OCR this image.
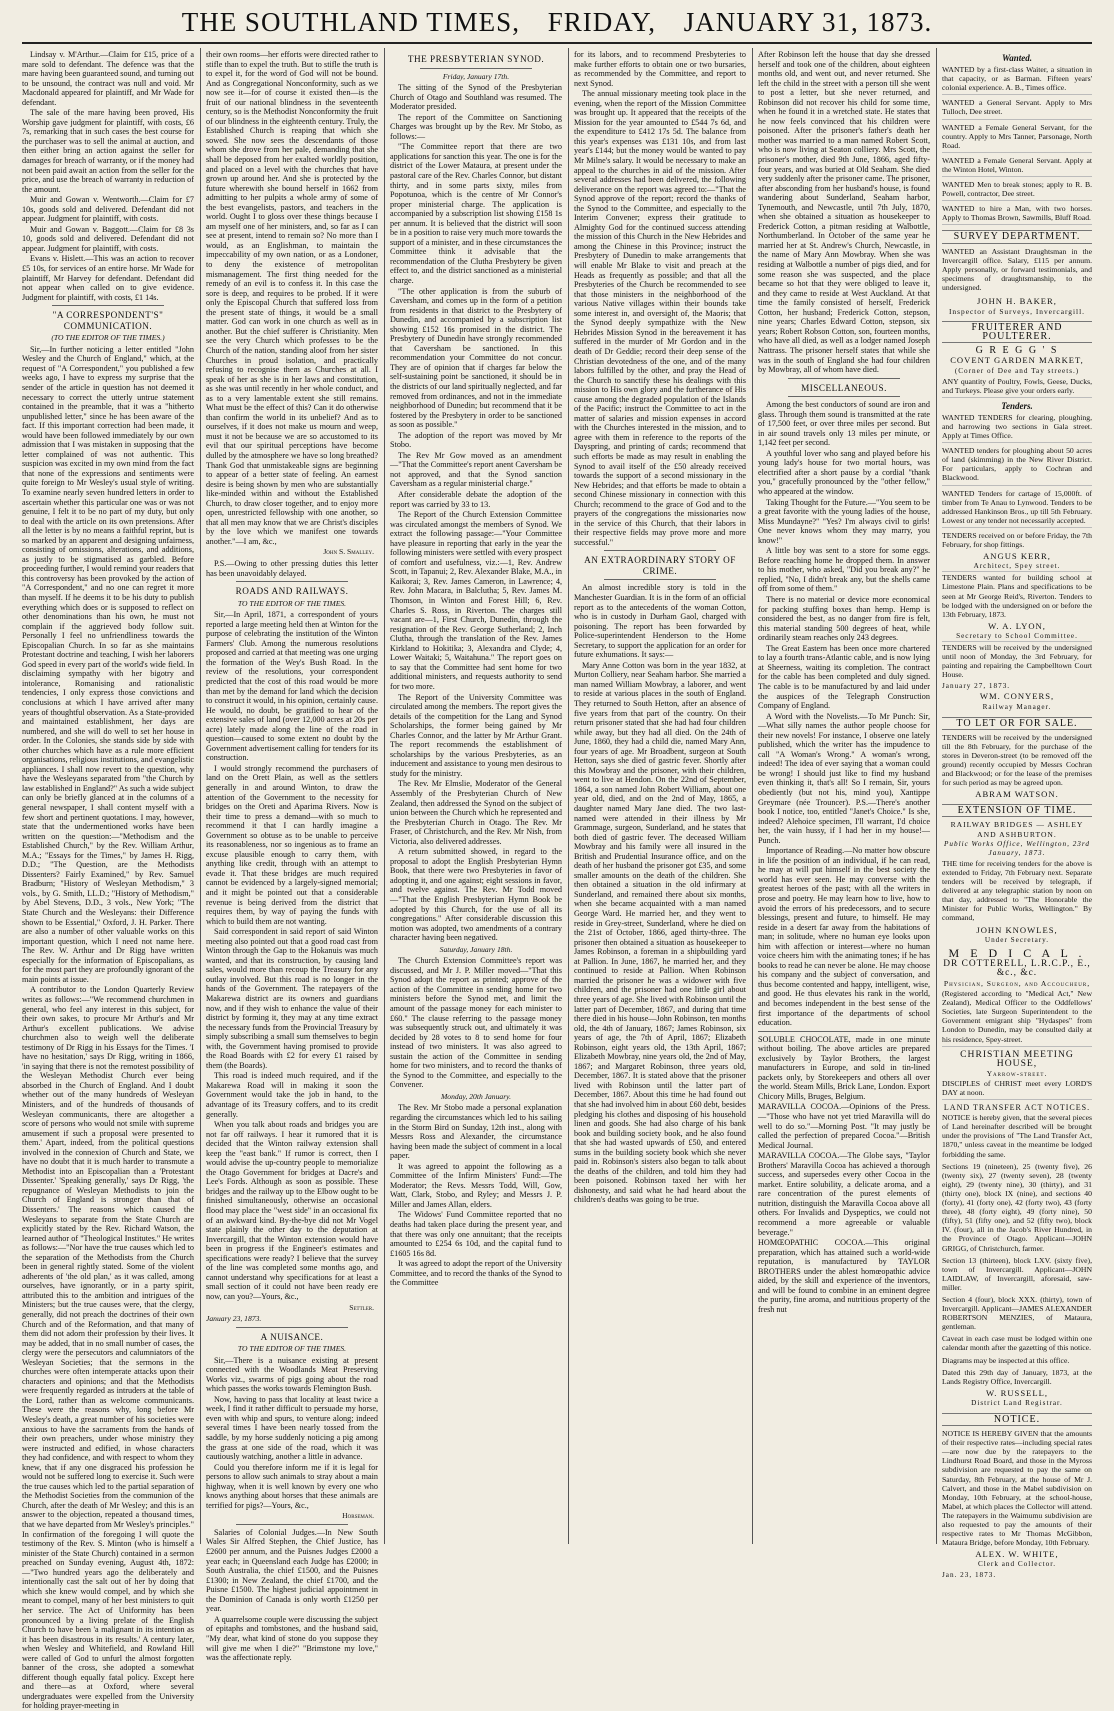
THE SOUTHLAND TIMES, FRIDAY, JANUARY 31, 1873.

Lindsay v. M'Arthur.—Claim for £15, price of a mare sold to defendant. The defence was that the mare having been guaranteed sound, and turning out to be unsound, the contract was null and void. Mr Macdonald appeared for plaintiff, and Mr Wade for defendant.

The sale of the mare having been proved, His Worship gave judgment for plaintiff, with costs, £6 7s, remarking that in such cases the best course for the purchaser was to sell the animal at auction, and then either bring an action against the seller for damages for breach of warranty, or if the money had not been paid await an action from the seller for the price, and use the breach of warranty in reduction of the amount.

Muir and Gowan v. Wentworth.—Claim for £7 10s, goods sold and delivered. Defendant did not appear. Judgment for plaintiff, with costs.

Muir and Gowan v. Baggott.—Claim for £8 3s 10, goods sold and delivered. Defendant did not appear. Judgment for plaintiff, with costs.

Evans v. Hislett.—This was an action to recover £5 10s, for services of an entire horse. Mr Wade for plaintiff, Mr Harvey for defendant. Defendant did not appear when called on to give evidence. Judgment for plaintiff, with costs, £1 14s.

"A CORRESPONDENT'S" COMMUNICATION.
(TO THE EDITOR OF THE TIMES.)

Sir,—In further noticing a letter entitled "John Wesley and the Church of England," which, at the request of "A Correspondent," you published a few weeks ago, I have to express my surprise that the sender of the article in question has not deemed it necessary to correct the utterly untrue statement contained in the preamble, that it was a "hitherto unpublished letter," since he has been aware of the fact. If this important correction had been made, it would have been followed immediately by our own admission that I was mistaken in supposing that the letter complained of was not authentic. This suspicion was excited in my own mind from the fact that none of the expressions and sentiments were quite foreign to Mr Wesley's usual style of writing. To examine nearly seven hundred letters in order to ascertain whether this particular one was or was not genuine, I felt it to be no part of my duty, but only to deal with the article on its own pretensions. After all the letter is by no means a faithful reprint, but is so marked by an apparent and designing unfairness, consisting of omissions, alterations, and additions, as justly to be stigmatised as garbled. Before proceeding further, I would remind your readers that this controversy has been provoked by the action of "A Correspondent," and no one can regret it more than myself. If he deems it to be his duty to publish everything which does or is supposed to reflect on other denominations than his own, he must not complain if the aggrieved body follow suit. Personally I feel no unfriendliness towards the Episcopalian Church. In so far as she maintains Protestant doctrine and teaching, I wish her laborers God speed in every part of the world's wide field. In disclaiming sympathy with her bigotry and intolerance, Romanising and rationalistic tendencies, I only express those convictions and conclusions at which I have arrived after many years of thoughtful observation. As a State-provided and maintained establishment, her days are numbered, and she will do well to set her house in order. In the Colonies, she stands side by side with other churches which have as a rule more efficient organisations, religious institutions, and evangelistic appliances. I shall now revert to the question, why have the Wesleyans separated from "the Church by law established in England?" As such a wide subject can only be briefly glanced at in the columns of a general newspaper, I shall content myself with a few short and pertinent quotations. I may, however, state that the undermentioned works have been written on the question:—"Methodism and the Established Church," by the Rev. William Arthur, M.A.; "Essays for the Times," by James H. Rigg, D.D.; "The Question, are the Methodists Dissenters? Fairly Examined," by Rev. Samuel Bradburn; "History of Wesleyan Methodism," 3 vols., by G. Smith, LL.D.; "History of Methodism," by Abel Stevens, D.D., 3 vols., New York; "The State Church and the Wesleyans: their Difference shown to be Essential," Oxford, J. H. Parker. There are also a number of other valuable works on this important question, which I need not name here. The Rev. W. Arthur and Dr Rigg have written especially for the information of Episcopalians, as for the most part they are profoundly ignorant of the main points at issue.

A contributor to the London Quarterly Review writes as follows:—"We recommend churchmen in general, who feel any interest in this subject, for their own sakes, to procure Mr Arthur's and Mr Arthur's excellent publications. We advise churchmen also to weigh well the deliberate testimony of Dr Rigg in his Essays for the Times. 'I have no hesitation,' says Dr Rigg, writing in 1866, 'in saying that there is not the remotest possibility of the Wesleyan Methodist Church ever being absorbed in the Church of England. And I doubt whether out of the many hundreds of Wesleyan Ministers, and of the hundreds of thousands of Wesleyan communicants, there are altogether a score of persons who would not smile with supreme amusement if such a proposal were presented to them.' Apart, indeed, from the political questions involved in the connexion of Church and State, we have no doubt that it is much harder to transmute a Methodist into an Episcopalian than a 'Protestant Dissenter.' 'Speaking generally,' says Dr Rigg, 'the repugnance of Wesleyan Methodists to join the Church of England is stronger than that of Dissenters.' The reasons which caused the Wesleyans to separate from the State Church are explicitly stated by the Rev. Richard Watson, the learned author of "Theological Institutes." He writes as follows:—"Nor have the true causes which led to the separation of the Methodists from the Church been in general rightly stated. Some of the violent adherents of 'the old plan,' as it was called, among ourselves, have ignorantly, or in a party spirit, attributed this to the ambition and intrigues of the Ministers; but the true causes were, that the clergy, generally, did not preach the doctrines of their own Church and of the Reformation, and that many of them did not adorn their profession by their lives. It may be added, that in no small number of cases, the clergy were the persecutors and calumniators of the Wesleyan Societies; that the sermons in the churches were often intemperate attacks upon their characters and opinions; and that the Methodists were frequently regarded as intruders at the table of the Lord, rather than as welcome communicants. These were the reasons why, long before Mr Wesley's death, a great number of his societies were anxious to have the sacraments from the hands of their own preachers, under whose ministry they were instructed and edified, in whose characters they had confidence, and with respect to whom they knew, that if any one disgraced his profession he would not be suffered long to exercise it. Such were the true causes which led to the partial separation of the Methodist Societies from the communion of the Church, after the death of Mr Wesley; and this is an answer to the objection, repeated a thousand times, that we have departed from Mr Wesley's principles." In confirmation of the foregoing I will quote the testimony of the Rev. S. Minton (who is himself a minister of the State Church) contained in a sermon preached on Sunday evening, August 4th, 1872:—"Two hundred years ago the deliberately and intentionally cast the salt out of her by doing that which she knew would compel, and by which she meant to compel, many of her best ministers to quit her service. The Act of Uniformity has been pronounced by a living prelate of the English Church to have been 'a malignant in its intention as it has been disastrous in its results.' A century later, when Wesley and Whitefield, and Rowland Hill were called of God to unfurl the almost forgotten banner of the cross, she adopted a somewhat different though equally fatal policy. Except here and there—as at Oxford, where several undergraduates were expelled from the University for holding prayer-meeting in

their own rooms—her efforts were directed rather to stifle than to expel the truth. But to stifle the truth is to expel it, for the word of God will not be bound. And as Congregational Nonconformity, such as we now see it—for of course it existed then—is the fruit of our national blindness in the seventeenth century, so is the Methodist Nonconformity the fruit of our blindness in the eighteenth century. Truly, the Established Church is reaping that which she sowed. She now sees the descendants of those whom she drove from her pale, demanding that she shall be deposed from her exalted worldly position, and placed on a level with the churches that have grown up around her. And she is protected by the future wherewith she bound herself in 1662 from admitting to her pulpits a whole army of some of the best evangelists, pastors, and teachers in the world. Ought I to gloss over these things because I am myself one of her ministers, and, so far as I can see at present, intend to remain so? No more than I would, as an Englishman, to maintain the impeccability of my own nation, or as a Londoner, to deny the existence of metropolitan mismanagement. The first thing needed for the remedy of an evil is to confess it. In this case the sore is deep, and requires to be probed. If it were only the Episcopal Church that suffered loss from the present state of things, it would be a small matter. God can work in one church as well as in another. But the chief sufferer is Christianity. Men see the very Church which professes to be the Church of the nation, standing aloof from her sister Churches in proud isolation, and practically refusing to recognise them as Churches at all. I speak of her as she is in her laws and constitution, as she was until recently in her whole conduct, and as to a very lamentable extent she still remains. What must be the effect of this? Can it do otherwise than confirm the world in its unbelief? And as to ourselves, if it does not make us mourn and weep, must it not be because we are so accustomed to its evil that our spiritual perceptions have become dulled by the atmosphere we have so long breathed? Thank God that unmistakeable signs are beginning to appear of a better state of feeling. An earnest desire is being shown by men who are substantially like-minded within and without the Established Church, to draw closer together, and to enjoy more open, unrestricted fellowship with one another, so that all men may know that we are Christ's disciples by the love which we manifest one towards another."—I am, &c.,

John S. Smalley.

P.S.—Owing to other pressing duties this letter has been unavoidably delayed.

ROADS AND RAILWAYS.
TO THE EDITOR OF THE TIMES.

Sir,—In April, 1871, a correspondent of yours reported a large meeting held then at Winton for the purpose of celebrating the institution of the Winton Farmers' Club. Among the numerous resolutions proposed and carried at that meeting was one urging the formation of the Wey's Bush Road. In the review of the resolutions, your correspondent predicted that the cost of this road would be more than met by the demand for land which the decision to construct it would, in his opinion, certainly cause. He would, no doubt, be gratified to hear of the extensive sales of land (over 12,000 acres at 20s per acre) lately made along the line of the road in question—caused to some extent no doubt by the Government advertisement calling for tenders for its construction.

I would strongly recommend the purchasers of land on the Orett Plain, as well as the settlers generally in and around Winton, to draw the attention of the Government to the necessity for bridges on the Oreti and Aparima Rivers. Now is their time to press a demand—with so much to recommend it that I can hardly imagine a Government so obtuse as to be unable to perceive its reasonableness, nor so ingenious as to frame an excuse plausible enough to carry them, with anything like credit, through with an attempt to evade it. That these bridges are much required cannot be evidenced by a largely-signed memorial; and it might be pointed out that a considerable revenue is being derived from the district that requires them, by way of paying the funds with which to build them are not wanting.

Said correspondent in said report of said Winton meeting also pointed out that a good road cast from Winton through the Gap to the Hokanuis was much wanted, and that its construction, by causing land sales, would more than recoup the Treasury for any outlay involved. But this road is no longer in the hands of the Government. The ratepayers of the Makarewa district are its owners and guardians now, and if they wish to enhance the value of their district by forming it, they may at any time extract the necessary funds from the Provincial Treasury by simply subscribing a small sum themselves to begin with, the Government having promised to provide the Road Boards with £2 for every £1 raised by them (the Boards).

This road is indeed much required, and if the Makarewa Road will in making it soon the Government would take the job in hand, to the advantage of its Treasury coffers, and to its credit generally.

When you talk about roads and bridges you are not far off railways. I hear it rumored that it is decided that the Winton railway extension shall keep the "east bank." If rumor is correct, then I would advise the up-country people to memorialize the Otago Government for bridges at Dacre's and Lee's Fords. Although as soon as possible. These bridges and the railway up to the Elbow ought to be finished simultaneously, otherwise an occasional flood may place the "west side" in an occasional fix of an awkward kind. By-the-bye did not Mr Vogel state plainly the other day to the deputation at Invercargill, that the Winton extension would have been in progress if the Engineer's estimates and specifications were ready? I believe that the survey of the line was completed some months ago, and cannot understand why specifications for at least a small section of it could not have been ready ere now, can you?—Yours, &c.,

Settler.
January 23, 1873.
A NUISANCE.
TO THE EDITOR OF THE TIMES.

Sir,—There is a nuisance existing at present connected with the Woodlands Meat Preserving Works viz., swarms of pigs going about the road which passes the works towards Flemington Bush.

Now, having to pass that locality at least twice a week, I find it rather difficult to persuade my horse, even with whip and spurs, to venture along; indeed several times I have been nearly tossed from the saddle, by my horse suddenly noticing a pig among the grass at one side of the road, which it was cautiously watching, another a little in advance.

Could you therefore inform me if it is legal for persons to allow such animals to stray about a main highway, when it is well known by every one who knows anything about horses that these animals are terrified for pigs?—Yours, &c.,

Horseman.

Salaries of Colonial Judges.—In New South Wales Sir Alfred Stephen, the Chief Justice, has £2600 per annum, and the Puisnes Judges £2000 a year each; in Queensland each Judge has £2000; in South Australia, the chief £1500, and the Puisnes £1300; in New Zealand, the chief £1700, and the Puisne £1500. The highest judicial appointment in the Dominion of Canada is only worth £1250 per year.

A quarrelsome couple were discussing the subject of epitaphs and tombstones, and the husband said, "My dear, what kind of stone do you suppose they will give me when I die?" "Brimstone my love," was the affectionate reply.

THE PRESBYTERIAN SYNOD.
Friday, January 17th.

The sitting of the Synod of the Presbyterian Church of Otago and Southland was resumed. The Moderator presided.

The report of the Committee on Sanctioning Charges was brought up by the Rev. Mr Stobo, as follows:—

"The Committee report that there are two applications for sanction this year. The one is for the district of the Lower Mataura, at present under the pastoral care of the Rev. Charles Connor, but distant thirty, and in some parts sixty, miles from Popotunoa, which is the centre of Mr Connor's proper ministerial charge. The application is accompanied by a subscription list showing £158 1s per annum. It is believed that the district will soon be in a position to raise very much more towards the support of a minister, and in these circumstances the Committee think it advisable that the recommendation of the Clutha Presbytery be given effect to, and the district sanctioned as a ministerial charge.

"The other application is from the suburb of Caversham, and comes up in the form of a petition from residents in that district to the Presbytery of Dunedin, and accompanied by a subscription list showing £152 16s promised in the district. The Presbytery of Dunedin have strongly recommended that Caversham be sanctioned. In this recommendation your Committee do not concur. They are of opinion that if charges far below the self-sustaining point be sanctioned, it should be in the districts of our land spiritually neglected, and far removed from ordinances, and not in the immediate neighborhood of Dunedin; but recommend that it be fostered by the Presbytery in order to be sanctioned as soon as possible."

The adoption of the report was moved by Mr Stobo.

The Rev Mr Gow moved as an amendment—"That the Committee's report anent Caversham be not approved, and that the Synod sanction Caversham as a regular ministerial charge."

After considerable debate the adoption of the report was carried by 33 to 13.

The Report of the Church Extension Committee was circulated amongst the members of Synod. We extract the following passage:—"Your Committee have pleasure in reporting that early in the year the following ministers were settled with every prospect of comfort and usefulness, viz.:—1, Rev. Andrew Scott, in Tapanui; 2, Rev. Alexander Blake, M.A., in Kaikorai; 3, Rev. James Cameron, in Lawrence; 4, Rev. John Macara, in Balclutha; 5, Rev. James M. Thomson, in Winton and Forest Hill; 6, Rev. Charles S. Ross, in Riverton. The charges still vacant are—1, First Church, Dunedin, through the resignation of the Rev. George Sutherland; 2, Inch Clutha, through the translation of the Rev. James Kirkland to Hokitika; 3, Alexandra and Clyde; 4, Lower Waitaki; 5, Waitahuna." The report goes on to say that the Committee had sent home for two additional ministers, and requests authority to send for two more.

The Report of the University Committee was circulated among the members. The report gives the details of the competition for the Lang and Synod Scholarships, the former being gained by Mr Charles Connor, and the latter by Mr Arthur Grant. The report recommends the establishment of scholarships by the various Presbyteries, as an inducement and assistance to young men desirous to study for the ministry.

The Rev. Mr Elmslie, Moderator of the General Assembly of the Presbyterian Church of New Zealand, then addressed the Synod on the subject of union between the Church which he represented and the Presbyterian Church in Otago. The Rev. Mr Fraser, of Christchurch, and the Rev. Mr Nish, from Victoria, also delivered addresses.

A return submitted showed, in regard to the proposal to adopt the English Presbyterian Hymn Book, that there were two Presbyteries in favor of adopting it, and one against; eight sessions in favor, and twelve against. The Rev. Mr Todd moved—"That the English Presbyterian Hymn Book be adopted by this Church, for the use of all its congregations." After considerable discussion this motion was adopted, two amendments of a contrary character having been negatived.

Saturday, January 18th.

The Church Extension Committee's report was discussed, and Mr J. P. Miller moved—"That this Synod adopt the report as printed; approve of the action of the Committee in sending home for two ministers before the Synod met, and limit the amount of the passage money for each minister to £60." The clause referring to the passage money was subsequently struck out, and ultimately it was decided by 28 votes to 8 to send home for four instead of two ministers. It was also agreed to sustain the action of the Committee in sending home for two ministers, and to record the thanks of the Synod to the Committee, and especially to the Convener.

Monday, 20th January.

The Rev. Mr Stobo made a personal explanation regarding the circumstances which led to his sailing in the Storm Bird on Sunday, 12th inst., along with Messrs Ross and Alexander, the circumstance having been made the subject of comment in a local paper.

It was agreed to appoint the following as a Committee of the Infirm Ministers' Fund:—The Moderator; the Revs. Messrs Todd, Will, Gow, Watt, Clark, Stobo, and Ryley; and Messrs J. P. Miller and James Allan, elders.

The Widows' Fund Committee reported that no deaths had taken place during the present year, and that there was only one annuitant; that the receipts amounted to £254 6s 10d, and the capital fund to £1605 16s 8d.

It was agreed to adopt the report of the University Committee, and to record the thanks of the Synod to the Committee

for its labors, and to recommend Presbyteries to make further efforts to obtain one or two bursaries, as recommended by the Committee, and report to next Synod.

The annual missionary meeting took place in the evening, when the report of the Mission Committee was brought up. It appeared that the receipts of the Mission for the year amounted to £544 7s 6d, and the expenditure to £412 17s 5d. The balance from this year's expenses was £131 10s, and from last year's £144; but the money would be wanted to pay Mr Milne's salary. It would be necessary to make an appeal to the churches in aid of the mission. After several addresses had been delivered, the following deliverance on the report was agreed to:—"That the Synod approve of the report; record the thanks of the Synod to the Committee, and especially to the Interim Convener; express their gratitude to Almighty God for the continued success attending the mission of this Church in the New Hebrides and among the Chinese in this Province; instruct the Presbytery of Dunedin to make arrangements that will enable Mr Blake to visit and preach at the Heads as frequently as possible; and that all the Presbyteries of the Church be recommended to see that those ministers in the neighborhood of the various Native villages within their bounds take some interest in, and oversight of, the Maoris; that the Synod deeply sympathize with the New Hebrides Mission Synod in the bereavement it has suffered in the murder of Mr Gordon and in the death of Dr Geddie; record their deep sense of the Christian devotedness of the one, and of the many labors fulfilled by the other, and pray the Head of the Church to sanctify these his dealings with this mission to His own glory and the furtherance of His cause among the degraded population of the Islands of the Pacific; instruct the Committee to act in the matter of salaries and mission expenses in accord with the Churches interested in the mission, and to agree with them in reference to the reports of the Dayspring, and printing of cards; recommend that such efforts be made as may result in enabling the Synod to avail itself of the £50 already received towards the support of a second missionary in the New Hebrides; and that efforts be made to obtain a second Chinese missionary in connection with this Church; recommend to the grace of God and to the prayers of the congregations the missionaries now in the service of this Church, that their labors in their respective fields may prove more and more successful."

AN EXTRAORDINARY STORY OF CRIME.

An almost incredible story is told in the Manchester Guardian. It is in the form of an official report as to the antecedents of the woman Cotton, who is in custody in Durham Gaol, charged with poisoning. The report has been forwarded by Police-superintendent Henderson to the Home Secretary, to support the application for an order for future exhumations. It says:—

Mary Anne Cotton was born in the year 1832, at Murton Colliery, near Seaham harbor. She married a man named William Mowbray, a laborer, and went to reside at various places in the south of England. They returned to South Hetton, after an absence of five years from that part of the country. On their return prisoner stated that she had had four children while away, but they had all died. On the 24th of June, 1860, they had a child die, named Mary Ann, four years of age. Mr Broadbent, surgeon at South Hetton, says she died of gastric fever. Shortly after this Mowbray and the prisoner, with their children, went to live at Hendon. On the 22nd of September, 1864, a son named John Robert William, about one year old, died, and on the 2nd of May, 1865, a daughter named Mary Jane died. The two last-named were attended in their illness by Mr Grammage, surgeon, Sunderland, and he states that both died of gastric fever. The deceased William Mowbray and his family were all insured in the British and Prudential Insurance office, and on the death of her husband the prisoner got £35, and some smaller amounts on the death of the children. She then obtained a situation in the old infirmary at Sunderland, and remained there about six months, when she became acquainted with a man named George Ward. He married her, and they went to reside in Grey-street, Sunderland, where he died on the 21st of October, 1866, aged thirty-three. The prisoner then obtained a situation as housekeeper to James Robinson, a foreman in a shipbuilding yard at Pallion. In June, 1867, he married her, and they continued to reside at Pallion. When Robinson married the prisoner he was a widower with five children, and the prisoner had one little girl about three years of age. She lived with Robinson until the latter part of December, 1867, and during that time there died in his house—John Robinson, ten months old, the 4th of January, 1867; James Robinson, six years of age, the 7th of April, 1867; Elizabeth Robinson, eight years old, the 13th April, 1867; Elizabeth Mowbray, nine years old, the 2nd of May, 1867; and Margaret Robinson, three years old, December, 1867. It is stated above that the prisoner lived with Robinson until the latter part of December, 1867. About this time he had found out that she had involved him in about £60 debt, besides pledging his clothes and disposing of his household linen and goods. She had also charge of his bank book and building society book, and he also found that she had wasted upwards of £50, and entered sums in the building society book which she never paid in. Robinson's sisters also began to talk about the deaths of the children, and told him they had been poisoned. Robinson taxed her with her dishonesty, and said what he had heard about the children's deaths was going to be true.

After Robinson left the house that day she dressed herself and took one of the children, about eighteen months old, and went out, and never returned. She left the child in the street with a person till she went to post a letter, but she never returned, and Robinson did not recover his child for some time, when he found it in a wretched state. He states that he now feels convinced that his children were poisoned. After the prisoner's father's death her mother was married to a man named Robert Scott, who is now living at Seaton colliery. Mrs Scott, the prisoner's mother, died 9th June, 1866, aged fifty-four years, and was buried at Old Seaham. She died very suddenly after the prisoner came. The prisoner, after absconding from her husband's house, is found wandering about Sunderland, Seaham harbor, Tynemouth, and Newcastle, until 7th July, 1870, when she obtained a situation as housekeeper to Frederick Cotton, a pitman residing at Walbottle, Northumberland. In October of the same year he married her at St. Andrew's Church, Newcastle, in the name of Mary Ann Mowbray. When she was residing at Walbottle a number of pigs died, and for some reason she was suspected, and the place became so hot that they were obliged to leave it, and they came to reside at West Auckland. At that time the family consisted of herself, Frederick Cotton, her husband; Frederick Cotton, stepson, nine years; Charles Edward Cotton, stepson, six years; Robert Robson Cotton, son, fourteen months, who have all died, as well as a lodger named Joseph Nattrass. The prisoner herself states that while she was in the south of England she had four children by Mowbray, all of whom have died.

MISCELLANEOUS.

Among the best conductors of sound are iron and glass. Through them sound is transmitted at the rate of 17,500 feet, or over three miles per second. But in air sound travels only 13 miles per minute, or 1,142 feet per second.

A youthful lover who sang and played before his young lady's house for two mortal hours, was electrified after a short pause by a cordial "thank you," gracefully pronounced by the "other fellow," who appeared at the window.

Taking Thought for the Future.—"You seem to be a great favorite with the young ladies of the house, Miss Mundayne?" "Yes? I'm always civil to girls! One never knows whom they may marry, you know!"

A little boy was sent to a store for some eggs. Before reaching home he dropped them. In answer to his mother, who asked, "Did you break any?" he replied, "No, I didn't break any, but the shells came off from some of them."

There is no material or device more economical for packing stuffing boxes than hemp. Hemp is considered the best, as no danger from fire is felt, this material standing 500 degrees of heat, while ordinarily steam reaches only 243 degrees.

The Great Eastern has been once more chartered to lay a fourth trans-Atlantic cable, and is now lying at Sheerness, waiting its completion. The contract for the cable has been completed and duly signed. The cable is to be manufactured by and laid under the auspices of the Telegraph Construction Company of England.

A Word with the Novelists.—To Mr Punch: Sir,—What silly names the author people choose for their new novels! For instance, I observe one lately published, which the writer has the impudence to call "A Woman's Wrong." A woman's wrong, indeed! The idea of ever saying that a woman could be wrong! I should just like to find my husband even thinking it, that's all! So I remain, Sir, yours obediently (but not his, mind you), Xantippe Greymare (née Trouncer). P.S.—There's another book I notice, too, entitled "Janet's Choice." Is she, indeed? Alehoice specimen, I'll warrant, I'd choice her, the vain hussy, if I had her in my house!—Punch.

Importance of Reading.—No matter how obscure in life the position of an individual, if he can read, he may at will put himself in the best society the world has ever seen. He may converse with the greatest heroes of the past; with all the writers in prose and poetry. He may learn how to live, how to avoid the errors of his predecessors, and to secure blessings, present and future, to himself. He may reside in a desert far away from the habitations of man; in solitude, where no human eye looks upon him with affection or interest—where no human voice cheers him with the animating tones; if he has books to read he can never be alone. He may choose his company and the subject of conversation, and thus become contented and happy, intelligent, wise, and good. He thus elevates his rank in the world, and becomes independent in the best sense of the first importance of the departments of school education.

SOLUBLE CHOCOLATE, made in one minute without boiling. The above articles are prepared exclusively by Taylor Brothers, the largest manufacturers in Europe, and sold in tin-lined packets only, by Storekeepers and others all over the world. Steam Mills, Brick Lane, London. Export Chicory Mills, Bruges, Belgium.

MARAVILLA COCOA.—Opinions of the Press.—"Those who have not yet tried Maravilla will do well to do so."—Morning Post. "It may justly be called the perfection of prepared Cocoa."—British Medical Journal.

MARAVILLA COCOA.—The Globe says, "Taylor Brothers' Maravilla Cocoa has achieved a thorough success, and supersedes every other Cocoa in the market. Entire solubility, a delicate aroma, and a rare concentration of the purest elements of nutrition, distinguish the Maravilla Cocoa above all others. For Invalids and Dyspeptics, we could not recommend a more agreeable or valuable beverage."

HOMŒOPATHIC COCOA.—This original preparation, which has attained such a world-wide reputation, is manufactured by TAYLOR BROTHERS under the ablest homœopathic advice aided, by the skill and experience of the inventors, and will be found to combine in an eminent degree the purity, fine aroma, and nutritious property of the fresh nut

Wanted.

WANTED by a first-class Waiter, a situation in that capacity, or as Barman. Fifteen years' colonial experience. A. B., Times office.

WANTED a General Servant. Apply to Mrs Tulloch, Dee street.

WANTED a Female General Servant, for the country. Apply to Mrs Tanner, Parsonage, North Road.

WANTED a Female General Servant. Apply at the Winton Hotel, Winton.

WANTED Men to break stones; apply to R. B. Powell, contractor, Dee street.

WANTED to hire a Man, with two horses. Apply to Thomas Brown, Sawmills, Bluff Road.

SURVEY DEPARTMENT.

WANTED an Assistant Draughtsman in the Invercargill office. Salary, £115 per annum. Apply personally, or forward testimonials, and specimens of draughtsmanship, to the undersigned.

JOHN H. BAKER,
Inspector of Surveys, Invercargill.
FRUITERER AND POULTERER.
G R E G G ' S
COVENT GARDEN MARKET,
(Corner of Dee and Tay streets.)

ANY quantity of Poultry, Fowls, Geese, Ducks, and Turkeys. Please give your orders early.

Tenders.

WANTED TENDERS for clearing, ploughing, and harrowing two sections in Gala street. Apply at Times Office.

WANTED tenders for ploughing about 50 acres of land (skimming) in the New River District. For particulars, apply to Cochran and Blackwood.

WANTED Tenders for cartage of 15,000ft. of timber from Te Anau to Lynwood. Tenders to be addressed Hankinson Bros., up till 5th February. Lowest or any tender not necessarily accepted.

TENDERS received on or before Friday, the 7th February, for shop fittings.

ANGUS KERR,
Architect, Spey street.

TENDERS wanted for building school at Limestone Plain. Plans and specifications to be seen at Mr George Reid's, Riverton. Tenders to be lodged with the undersigned on or before the 13th February, 1873.

W. A. LYON,
Secretary to School Committee.

TENDERS will be received by the undersigned until noon of Monday, the 3rd February, for painting and repairing the Campbelltown Court House.

January 27, 1873.
WM. CONYERS,
Railway Manager.
TO LET OR FOR SALE.

TENDERS will be received by the undersigned till the 8th February, for the purchase of the stores in Deveron-street (to be removed off the ground) recently occupied by Messrs Cochran and Blackwood; or for the lease of the premises for such period as may be agreed upon.

ABRAM WATSON.
EXTENSION OF TIME.
RAILWAY BRIDGES — ASHLEY AND ASHBURTON.
Public Works Office, Wellington, 23rd January, 1873.

THE time for receiving tenders for the above is extended to Friday, 7th February next. Separate tenders will be received by telegraph, if delivered at any telegraphic station by noon on that day, addressed to "The Honorable the Minister for Public Works, Wellington." By command,

JOHN KNOWLES,
Under Secretary.
M E D I C A L .
DR COTTERELL, L.R.C.P., E., &c., &c.
Physician, Surgeon, and Accoucheur,

(Registered according to "Medical Act," New Zealand), Medical Officer to the Oddfellows' Societies, late Surgeon Superintendent to the Government emigrant ship "Hydaspes" from London to Dunedin, may be consulted daily at his residence, Spey-street.

CHRISTIAN MEETING HOUSE,
Yarrow-street.

DISCIPLES of CHRIST meet every LORD'S DAY at noon.

LAND TRANSFER ACT NOTICES.

NOTICE is hereby given, that the several pieces of Land hereinafter described will be brought under the provisions of "The Land Transfer Act, 1870," unless caveat in the meantime be lodged forbidding the same.

Sections 19 (nineteen), 25 (twenty five), 26 (twenty six), 27 (twenty seven), 28 (twenty eight), 29 (twenty nine), 30 (thirty), and 31 (thirty one), block IX (nine), and sections 40 (forty), 41 (forty one), 42 (forty two), 43 (forty three), 48 (forty eight), 49 (forty nine), 50 (fifty), 51 (fifty one), and 52 (fifty two), block IV. (four), all in the Jacob's River Hundred, in the Province of Otago. Applicant—JOHN GRIGG, of Christchurch, farmer.

Section 13 (thirteen), block LXV. (sixty five), town of Invercargill. Applicant—JOHN LAIDLAW, of Invercargill, aforesaid, saw-miller.

Section 4 (four), block XXX. (thirty), town of Invercargill. Applicant—JAMES ALEXANDER ROBERTSON MENZIES, of Mataura, gentleman.

Caveat in each case must be lodged within one calendar month after the gazetting of this notice.

Diagrams may be inspected at this office.

Dated this 29th day of January, 1873, at the Lands Registry Office, Invercargill.

W. RUSSELL,
District Land Registrar.
NOTICE.

NOTICE IS HEREBY GIVEN that the amounts of their respective rates—including special rates—are now due by the ratepayers to the Lindhurst Road Board, and those in the Myross subdivision are requested to pay the same on Saturday, 8th February, at the house of Mr J. Calvert, and those in the Mabel subdivision on Monday, 10th February, at the school-house, Mabel, at which places the Collector will attend. The ratepayers in the Waimumu subdivision are also requested to pay the amounts of their respective rates to Mr Thomas McGibbon, Mataura Bridge, before Monday, 10th February.

ALEX. W. WHITE,
Clerk and Collector.
Jan. 23, 1873.
